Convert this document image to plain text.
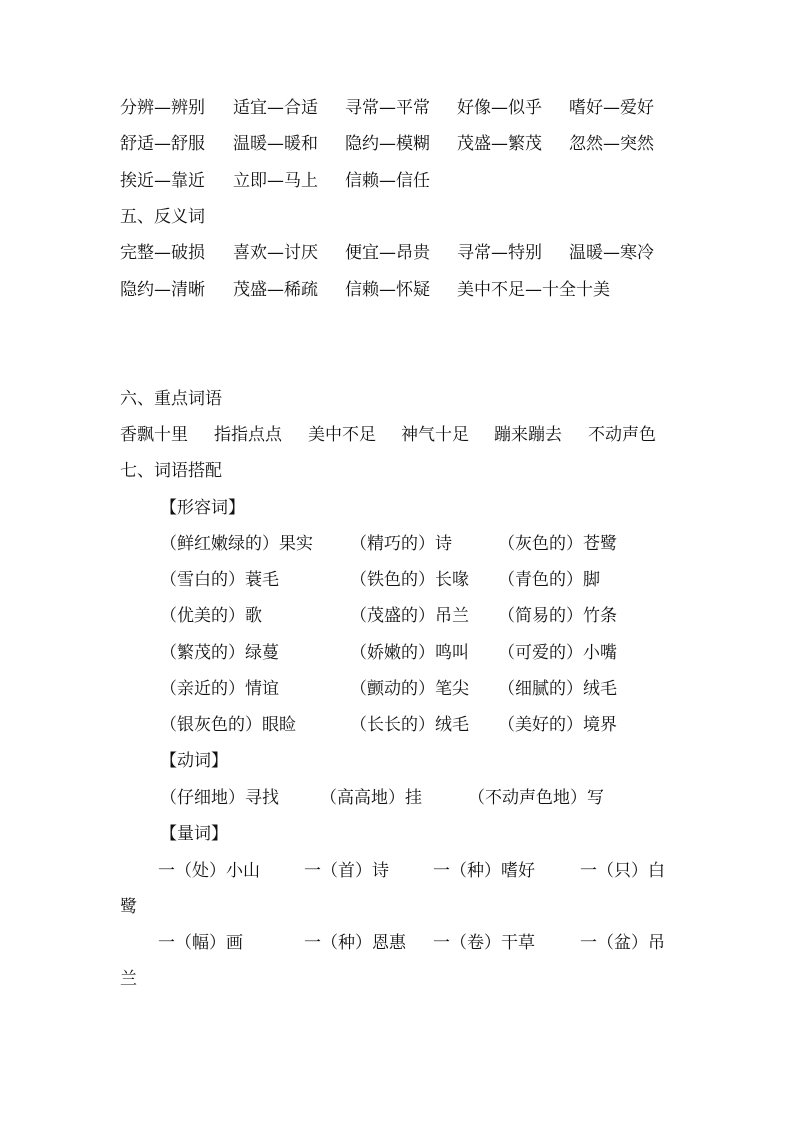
分辨—辨别 适宜—合适 寻常—平常 好像—似乎 嗜好—爱好
舒适—舒服 温暖—暖和 隐约—模糊 茂盛—繁茂 忽然—突然
挨近—靠近 立即—马上 信赖—信任
五、反义词
完整—破损 喜欢—讨厌 便宜—昂贵 寻常—特别 温暖—寒冷
隐约—清晰 茂盛—稀疏 信赖—怀疑 美中不足—十全十美
六、重点词语
香飘十里 指指点点 美中不足 神气十足 蹦来蹦去 不动声色
七、词语搭配
【形容词】
（鲜红嫩绿的）果实 （精巧的）诗	（灰色的）苍鹭
（雪白的）蓑毛	（铁色的）长喙 （青色的）脚
（优美的）歌	（茂盛的）吊兰 （简易的）竹条
（繁茂的）绿蔓	（娇嫩的）鸣叫 （可爱的）小嘴
（亲近的）情谊	（颤动的）笔尖 （细腻的）绒毛
（银灰色的）眼睑	（长长的）绒毛 （美好的）境界
【动词】
（仔细地）寻找 （高高地）挂	（不动声色地）写
【量词】
一（处）小山	一（首）诗	一（种）嗜好	一（只）白
鹭
一（幅）画	一（种）恩惠 一（卷）干草	一（盆）吊
兰
